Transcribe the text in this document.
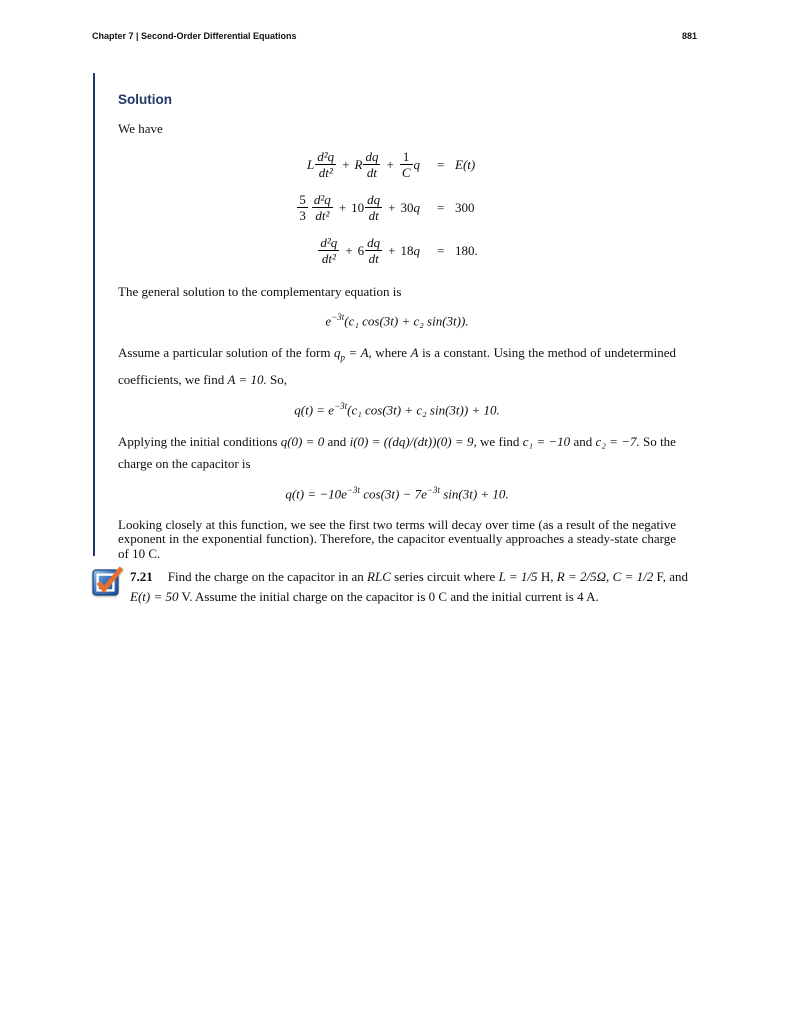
Chapter 7 | Second-Order Differential Equations	881
Solution

We have

L $\frac{\text{d²q}}{\text{dt²}} + R \frac{dq}{dt} + \frac{1}{C}$ q = E(t)
$\frac{5}{3} \frac{\text{d²q}}{\text{dt²}} + 10 \frac{dq}{dt} + 30$ q = 300
$\frac{\text{d²q}}{\text{dt²}} + 6 \frac{dq}{dt} + 18$ q = 180.

The general solution to the complementary equation is

$e^{-3t}(c_1$ cos(3t) + c₂ sin(3t)).

Assume a particular solution of the form $q_p = A$, where A is a constant. Using the method of undetermined coefficients, we find A = 10. So,

$q(t) = e^{-3t}(c_1$ cos(3t) + c₂ sin(3t)) + 10.

Applying the initial conditions q(0) = 0 and i(0) = ((dq)/(dt))(0) = 9, we find c₁ = −10 and c₂ = −7. So the charge on the capacitor is

$q(t) = -10e^{-3t}$ $\cos(3t) - 7e^{-3t}$ sin(3t) + 10.

Looking closely at this function, we see the first two terms will decay over time (as a result of the negative exponent in the exponential function). Therefore, the capacitor eventually approaches a steady-state charge of 10 C.

7.21 Find the charge on the capacitor in an RLC series circuit where L = 1/5 H, R = 2/5Ω, C = 1/2 F, and E(t) = 50 V. Assume the initial charge on the capacitor is 0 C and the initial current is 4 A.
